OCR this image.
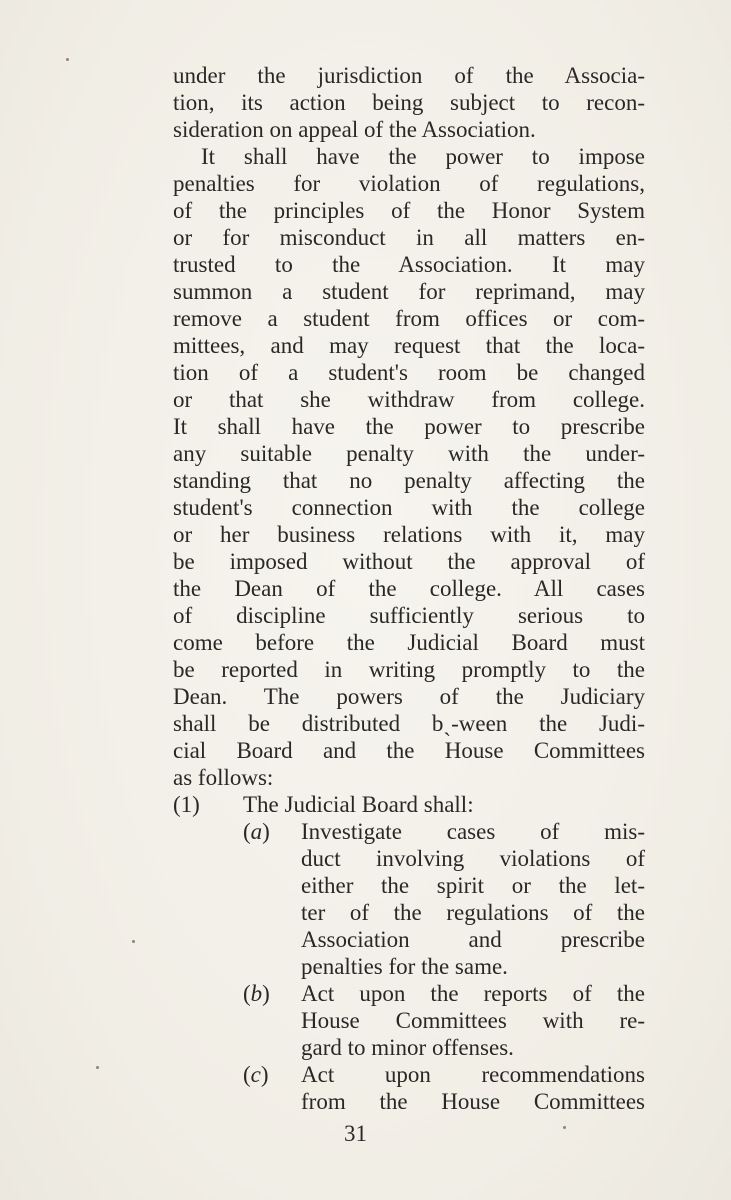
under the jurisdiction of the Associa-
tion, its action being subject to recon-
sideration on appeal of the Association.
It shall have the power to impose
penalties for violation of regulations,
of the principles of the Honor System
or for misconduct in all matters en-
trusted to the Association. It may
summon a student for reprimand, may
remove a student from offices or com-
mittees, and may request that the loca-
tion of a student's room be changed
or that she withdraw from college.
It shall have the power to prescribe
any suitable penalty with the under-
standing that no penalty affecting the
student's connection with the college
or her business relations with it, may
be imposed without the approval of
the Dean of the college. All cases
of discipline sufficiently serious to
come before the Judicial Board must
be reported in writing promptly to the
Dean. The powers of the Judiciary
shall be distributed bˎ-ween the Judi-
cial Board and the House Committees
as follows:
(1) The Judicial Board shall:
(a)	Investigate cases of mis-
duct involving violations of
either the spirit or the let-
ter of the regulations of the
Association and prescribe
penalties for the same.
(b)	Act upon the reports of the
House Committees with re-
gard to minor offenses.
(c)	Act upon recommendations
from the House Committees
31
